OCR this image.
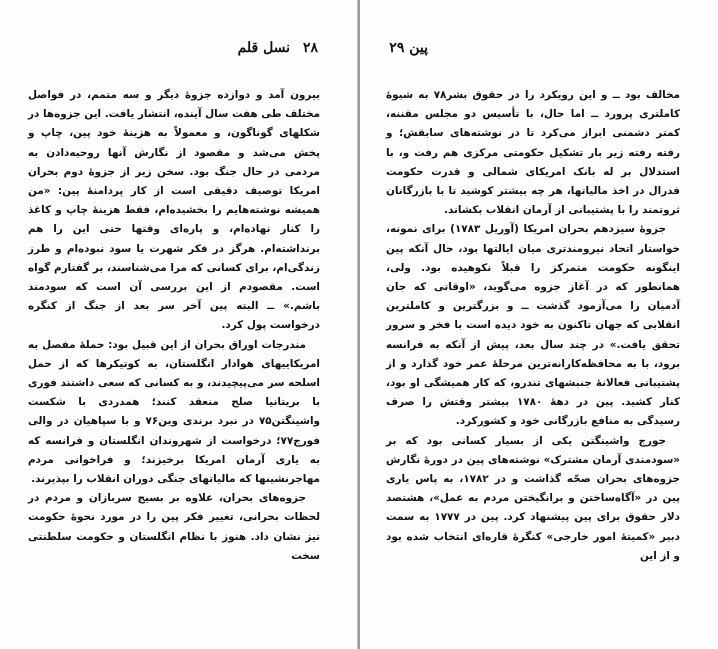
۲۸ نسل قلم

بیرون آمد و دوازده جزوهٔ دیگر و سه متمم، در فواصل مختلف طی هفت سال آینده، انتشار یافت. این جزوه‌ها در شکلهای گوناگون، و معمولاً به هزینهٔ خود پین، چاپ و پخش می‌شد و مقصود از نگارش آنها روحیه‌دادن به مردمی در حال جنگ بود. سخن زیر از جزوهٔ دوم بحران امریکا توصیف دقیقی است از کار پردامنهٔ پین: «من همیشه نوشته‌هایم را بخشیده‌ام، فقط هزینهٔ چاپ و کاغذ را کنار نهاده‌ام، و پاره‌ای وقتها حتی این را هم برنداشته‌ام. هرگز در فکر شهرت یا سود نبوده‌ام و طرز زندگی‌ام، برای کسانی که مرا می‌شناسند، بر گفتارم گواه است. مقصودم از این بررسی آن است که سودمند باشم.» ــ البته پین آخر سر بعد از جنگ از کنگره درخواست پول کرد.

مندرجات اوراق بحران از این قبیل بود: حملهٔ مفصل به امریکاییهای هوادار انگلستان، به کوتیکرها که از حمل اسلحه سر می‌پیچیدند، و به کسانی که سعی داشتند فوری با بریتانیا صلح منعقد کنند؛ همدردی با شکست واشینگتن۷۵ در نبرد برندی وین۷۶ و با سپاهیان در والی فورج۷۷؛ درخواست از شهروندان انگلستان و فرانسه که به یاری آرمان امریکا برخیزند؛ و فراخوانی مردم مهاجرنشینها که مالیاتهای جنگی دوران انقلاب را بپذیرند.

جزوه‌های بحران، علاوه بر بسیج سربازان و مردم در لحظات بحرانی، تغییر فکر پین را در مورد نحوهٔ حکومت نیز نشان داد. هنوز با نظام انگلستان و حکومت سلطنتی سخت

پین ۲۹

مخالف بود ــ و این رویکرد را در حقوق بشر۷۸ به شیوهٔ کاملتری پرورد ــ اما حال، با تأسیس دو مجلس مقننه، کمتر دشمنی ابراز می‌کرد تا در نوشته‌های سابقش؛ و رفته رفته زیر بار تشکیل حکومتی مرکزی هم رفت و، با استدلال بر له بانک امریکای شمالی و قدرت حکومت فدرال در اخذ مالیاتها، هر چه بیشتر کوشید تا با بازرگانان ثروتمند را با پشتیبانی از آرمان انقلاب بکشاند.

جزوهٔ سیزدهم بحران امریکا (آوریل ۱۷۸۳) برای نمونه، خواستار اتحاد نیرومندتری میان ایالتها بود، حال آنکه پین اینگونه حکومت متمرکز را قبلاً نکوهیده بود. ولی، همانطور که در آغاز جزوه می‌گوید، «اوقاتی که جان آدمیان را می‌آزمود گذشت ــ و بزرگترین و کاملترین انقلابی که جهان تاکنون به خود دیده است با فخر و سرور تحقق یافت.» در چند سال بعد، پیش از آنکه به فرانسه برود، با به محافظه‌کارانه‌ترین مرحلهٔ عمر خود گذارد و از پشتیبانی فعالانهٔ جنبشهای تندرو، که کار همیشگی او بود، کنار کشید. پین در دههٔ ۱۷۸۰ بیشتر وقتش را صرف رسیدگی به منافع بازرگانی خود و کشورکرد.

جورج واشینگتن یکی از بسیار کسانی بود که بر «سودمندی آرمان مشترک» نوشته‌های پین در دورهٔ نگارش جزوه‌های بحران صحّه گذاشت و در ۱۷۸۲، به پاس یاری پین در «آگاه‌ساختن و برانگیختن مردم به عمل»، هشتصد دلار حقوق برای پین پیشنهاد کرد. پین در ۱۷۷۷ به سمت دبیر «کمیتهٔ امور خارجی» کنگرهٔ قاره‌ای انتخاب شده بود و از این
